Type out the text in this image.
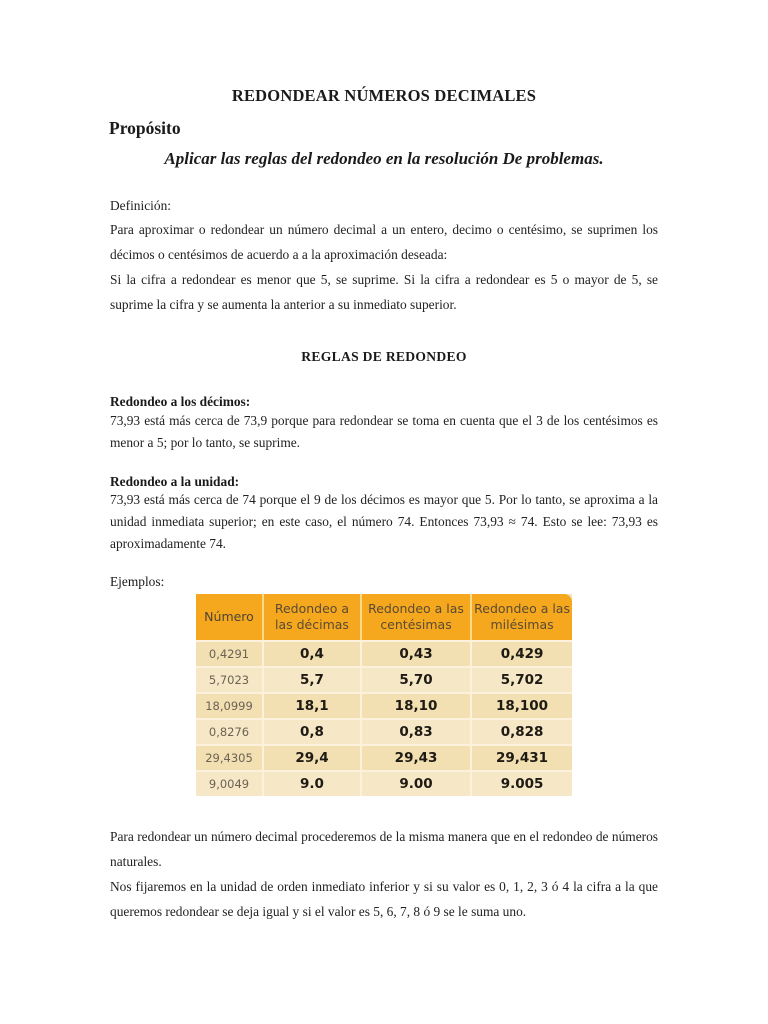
REDONDEAR NÚMEROS DECIMALES
Propósito
Aplicar las reglas del redondeo en la resolución De problemas.

Definición:

Para aproximar o redondear un número decimal a un entero, decimo o centésimo, se suprimen los décimos o centésimos de acuerdo a a la aproximación deseada:

Si la cifra a redondear es menor que 5, se suprime. Si la cifra a redondear es 5 o mayor de 5, se suprime la cifra y se aumenta la anterior a su inmediato superior.

REGLAS DE REDONDEO

Redondeo a los décimos:

73,93 está más cerca de 73,9 porque para redondear se toma en cuenta que el 3 de los centésimos es menor a 5; por lo tanto, se suprime.

Redondeo a la unidad:

73,93 está más cerca de 74 porque el 9 de los décimos es mayor que 5. Por lo tanto, se aproxima a la unidad inmediata superior; en este caso, el número 74. Entonces 73,93 ≈ 74. Esto se lee: 73,93 es aproximadamente 74.

Ejemplos:

Número	Redondeo a las décimas	Redondeo a las centésimas	Redondeo a las milésimas
0,4291	0,4	0,43	0,429
5,7023	5,7	5,70	5,702
18,0999	18,1	18,10	18,100
0,8276	0,8	0,83	0,828
29,4305	29,4	29,43	29,431
9,0049	9.0	9.00	9.005

Para redondear un número decimal procederemos de la misma manera que en el redondeo de números naturales.

Nos fijaremos en la unidad de orden inmediato inferior y si su valor es 0, 1, 2, 3 ó 4 la cifra a la que queremos redondear se deja igual y si el valor es 5, 6, 7, 8 ó 9 se le suma uno.
